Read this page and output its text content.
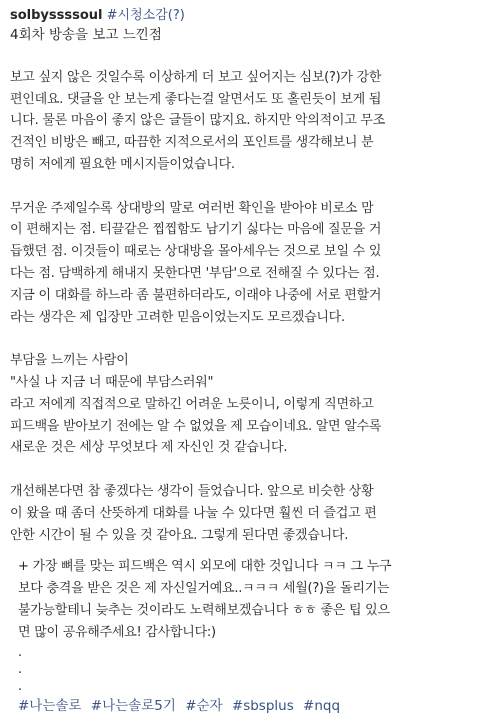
solbyssssoul #시청소감(?)
4회차 방송을 보고 느낀점

보고 싶지 않은 것일수록 이상하게 더 보고 싶어지는 심보(?)가 강한

편인데요. 댓글을 안 보는게 좋다는걸 알면서도 또 홀린듯이 보게 됩

니다. 물론 마음이 좋지 않은 글들이 많지요. 하지만 악의적이고 무조

건적인 비방은 빼고, 따끔한 지적으로서의 포인트를 생각해보니 분

명히 저에게 필요한 메시지들이었습니다.

무거운 주제일수록 상대방의 말로 여러번 확인을 받아야 비로소 맘

이 편해지는 점. 티끌같은 찝찝함도 남기기 싫다는 마음에 질문을 거

듭했던 점. 이것들이 때로는 상대방을 몰아세우는 것으로 보일 수 있

다는 점. 담백하게 해내지 못한다면 '부담'으로 전해질 수 있다는 점.

지금 이 대화를 하느라 좀 불편하더라도, 이래야 나중에 서로 편할거

라는 생각은 제 입장만 고려한 믿음이었는지도 모르겠습니다.

부담을 느끼는 사람이

"사실 나 지금 너 때문에 부담스러워"

라고 저에게 직접적으로 말하긴 어려운 노릇이니, 이렇게 직면하고

피드백을 받아보기 전에는 알 수 없었을 제 모습이네요. 알면 알수록

새로운 것은 세상 무엇보다 제 자신인 것 같습니다.

개선해본다면 참 좋겠다는 생각이 들었습니다. 앞으로 비슷한 상황

이 왔을 때 좀더 산뜻하게 대화를 나눌 수 있다면 훨씬 더 즐겁고 편

안한 시간이 될 수 있을 것 같아요. 그렇게 된다면 좋겠습니다.

+ 가장 뼈를 맞는 피드백은 역시 외모에 대한 것입니다 ㅋㅋ 그 누구

보다 충격을 받은 것은 제 자신일거예요..ㅋㅋㅋ 세월(?)을 돌리기는

불가능할테니 늦추는 것이라도 노력해보겠습니다 ㅎㅎ 좋은 팁 있으

면 많이 공유해주세요! 감사합니다:)

.
.
.
#나는솔로 #나는솔로5기 #순자 #sbsplus #nqq
